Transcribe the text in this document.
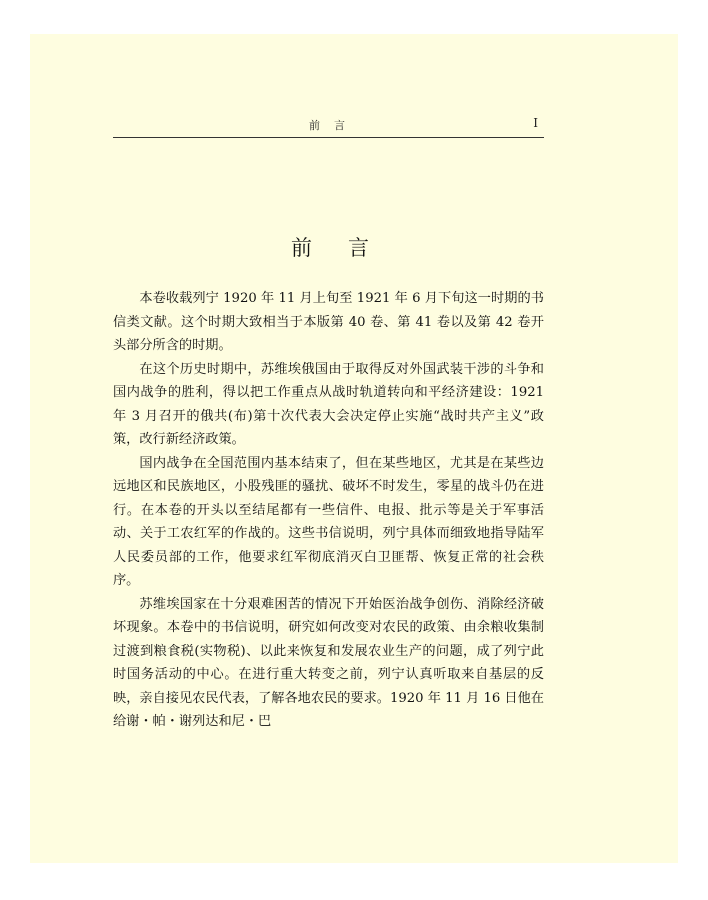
前言	I
前言

本卷收载列宁 1920 年 11 月上旬至 1921 年 6 月下旬这一时期的书信类文献。这个时期大致相当于本版第 40 卷、第 41 卷以及第 42 卷开头部分所含的时期。

在这个历史时期中，苏维埃俄国由于取得反对外国武装干涉的斗争和国内战争的胜利，得以把工作重点从战时轨道转向和平经济建设：1921 年 3 月召开的俄共(布)第十次代表大会决定停止实施“战时共产主义”政策，改行新经济政策。

国内战争在全国范围内基本结束了，但在某些地区，尤其是在某些边远地区和民族地区，小股残匪的骚扰、破坏不时发生，零星的战斗仍在进行。在本卷的开头以至结尾都有一些信件、电报、批示等是关于军事活动、关于工农红军的作战的。这些书信说明，列宁具体而细致地指导陆军人民委员部的工作，他要求红军彻底消灭白卫匪帮、恢复正常的社会秩序。

苏维埃国家在十分艰难困苦的情况下开始医治战争创伤、消除经济破坏现象。本卷中的书信说明，研究如何改变对农民的政策、由余粮收集制过渡到粮食税(实物税)、以此来恢复和发展农业生产的问题，成了列宁此时国务活动的中心。在进行重大转变之前，列宁认真听取来自基层的反映，亲自接见农民代表，了解各地农民的要求。1920 年 11 月 16 日他在给谢・帕・谢列达和尼・巴
